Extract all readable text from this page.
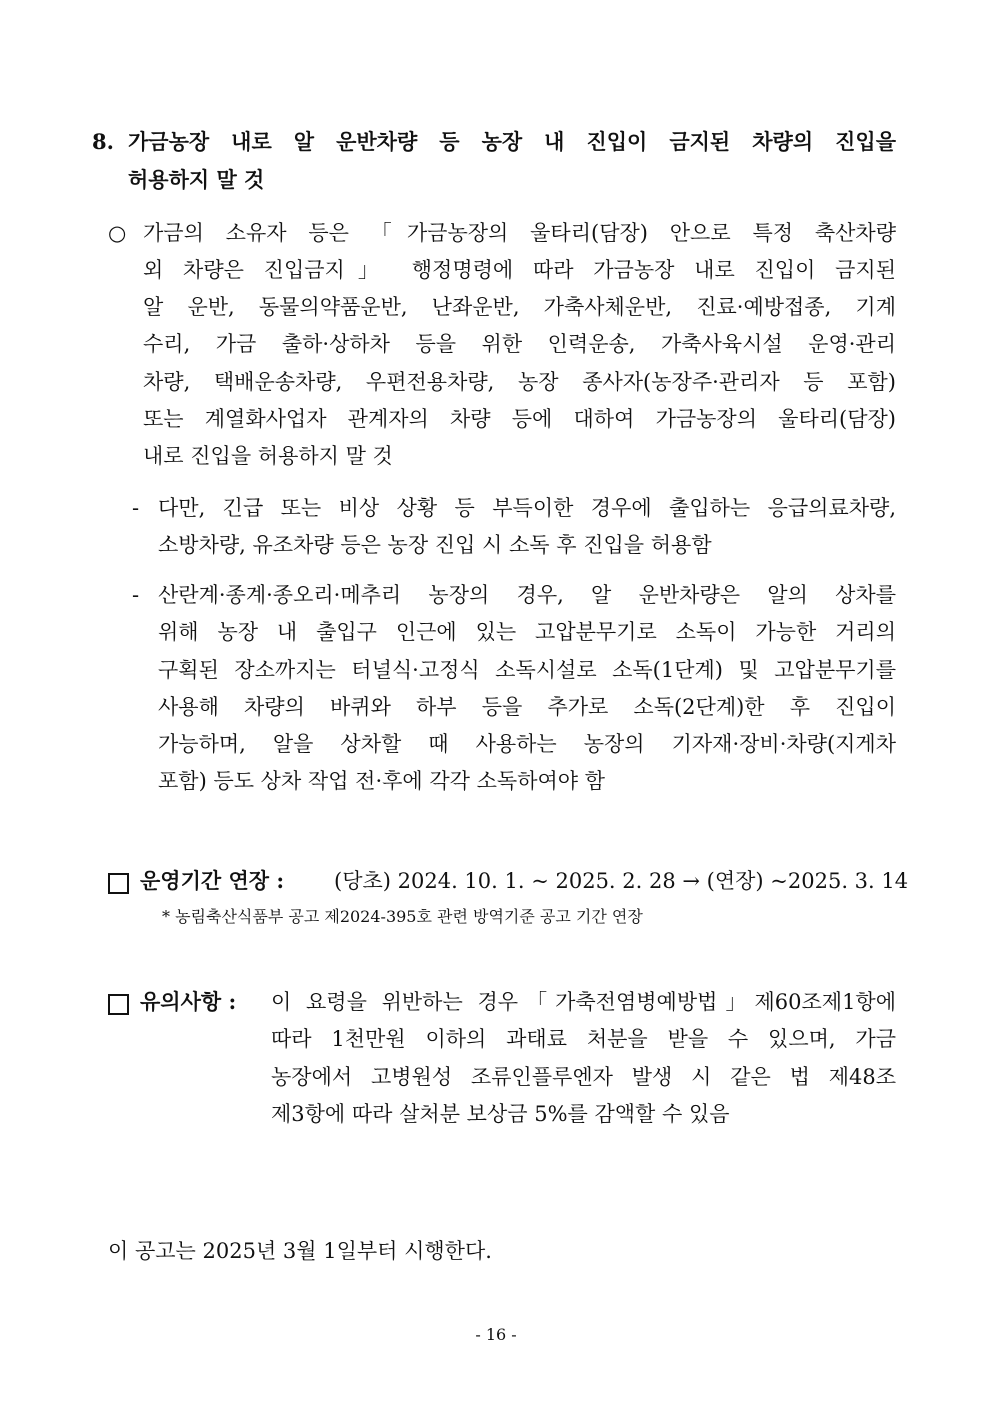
8. 가금농장 내로 알 운반차량 등 농장 내 진입이 금지된 차량의 진입을
허용하지 말 것
○ 가금의 소유자 등은 「가금농장의 울타리(담장) 안으로 특정 축산차량
외 차량은 진입금지」 행정명령에 따라 가금농장 내로 진입이 금지된
알 운반, 동물의약품운반, 난좌운반, 가축사체운반, 진료·예방접종, 기계
수리, 가금 출하·상하차 등을 위한 인력운송, 가축사육시설 운영·관리
차량, 택배운송차량, 우편전용차량, 농장 종사자(농장주·관리자 등 포함)
또는 계열화사업자 관계자의 차량 등에 대하여 가금농장의 울타리(담장)
내로 진입을 허용하지 말 것
- 다만, 긴급 또는 비상 상황 등 부득이한 경우에 출입하는 응급의료차량,
소방차량, 유조차량 등은 농장 진입 시 소독 후 진입을 허용함
- 산란계·종계·종오리·메추리 농장의 경우, 알 운반차량은 알의 상차를
위해 농장 내 출입구 인근에 있는 고압분무기로 소독이 가능한 거리의
구획된 장소까지는 터널식·고정식 소독시설로 소독(1단계) 및 고압분무기를
사용해 차량의 바퀴와 하부 등을 추가로 소독(2단계)한 후 진입이
가능하며, 알을 상차할 때 사용하는 농장의 기자재·장비·차량(지게차
포함) 등도 상차 작업 전·후에 각각 소독하여야 함
운영기간 연장 : (당초) 2024. 10. 1. ~ 2025. 2. 28 → (연장) ~2025. 3. 14
* 농림축산식품부 공고 제2024-395호 관련 방역기준 공고 기간 연장
유의사항 : 이 요령을 위반하는 경우「가축전염병예방법」제60조제1항에
따라 1천만원 이하의 과태료 처분을 받을 수 있으며, 가금
농장에서 고병원성 조류인플루엔자 발생 시 같은 법 제48조
제3항에 따라 살처분 보상금 5%를 감액할 수 있음
이 공고는 2025년 3월 1일부터 시행한다.
- 16 -
